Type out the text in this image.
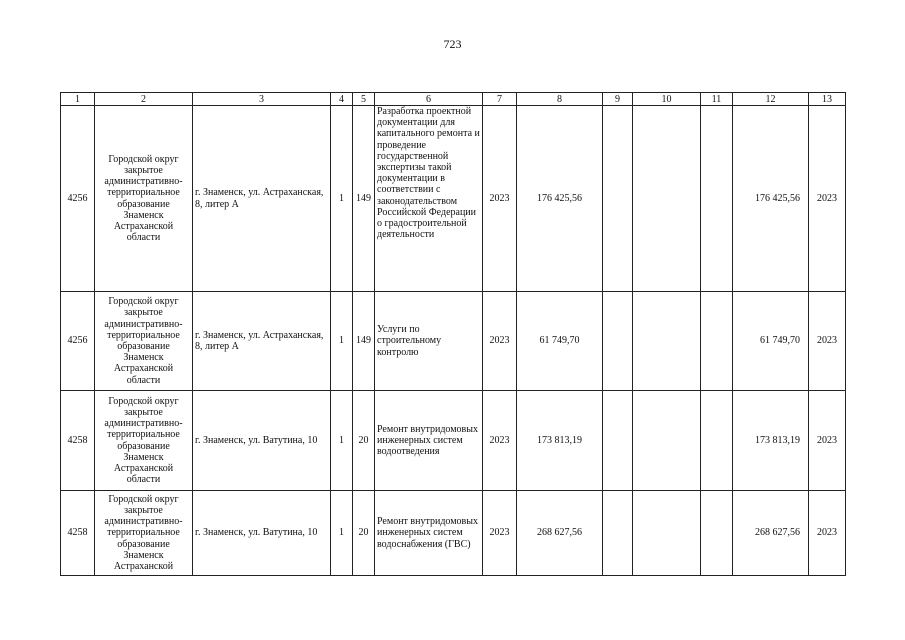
723
1	2	3	4	5	6	7	8	9	10	11	12	13
4256	Городской округ закрытое административно-территориальное образование Знаменск Астраханской области	г. Знаменск, ул. Астраханская, 8, литер А	1	149	Разработка проектной документации для капитального ремонта и проведение государственной экспертизы такой документации в соответствии с законодательством Российской Федерации о градостроительной деятельности	2023	176 425,56				176 425,56	2023
4256	Городской округ закрытое административно-территориальное образование Знаменск Астраханской области	г. Знаменск, ул. Астраханская, 8, литер А	1	149	Услуги по строительному контролю	2023	61 749,70				61 749,70	2023
4258	Городской округ закрытое административно-территориальное образование Знаменск Астраханской области	г. Знаменск, ул. Ватутина, 10	1	20	Ремонт внутридомовых инженерных систем водоотведения	2023	173 813,19				173 813,19	2023
4258	Городской округ закрытое административно-территориальное образование Знаменск Астраханской	г. Знаменск, ул. Ватутина, 10	1	20	Ремонт внутридомовых инженерных систем водоснабжения (ГВС)	2023	268 627,56				268 627,56	2023
